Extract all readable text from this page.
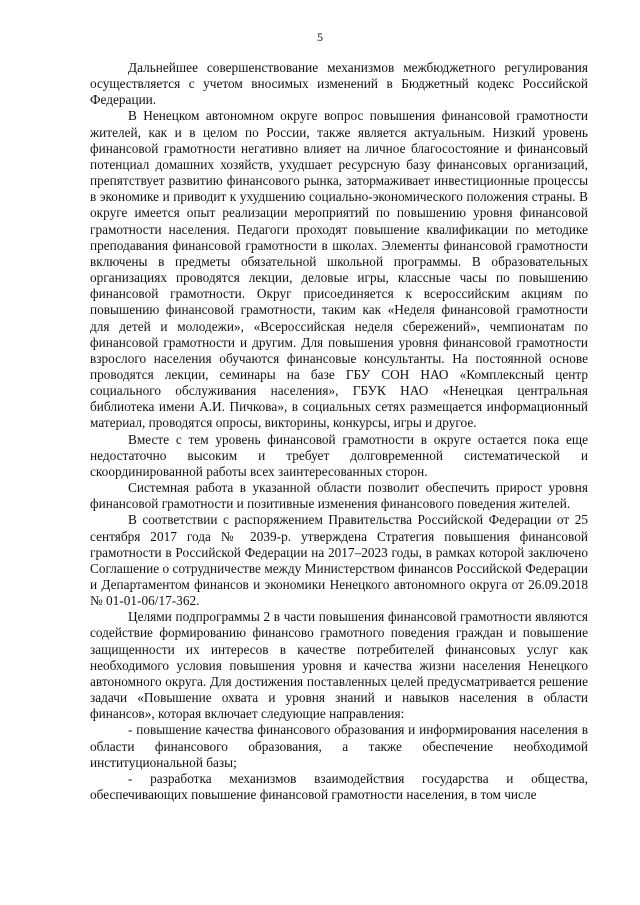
5

Дальнейшее совершенствование механизмов межбюджетного регулирования осуществляется с учетом вносимых изменений в Бюджетный кодекс Российской Федерации.

В Ненецком автономном округе вопрос повышения финансовой грамотности жителей, как и в целом по России, также является актуальным. Низкий уровень финансовой грамотности негативно влияет на личное благосостояние и финансовый потенциал домашних хозяйств, ухудшает ресурсную базу финансовых организаций, препятствует развитию финансового рынка, затормаживает инвестиционные процессы в экономике и приводит к ухудшению социально-экономического положения страны. В округе имеется опыт реализации мероприятий по повышению уровня финансовой грамотности населения. Педагоги проходят повышение квалификации по методике преподавания финансовой грамотности в школах. Элементы финансовой грамотности включены в предметы обязательной школьной программы. В образовательных организациях проводятся лекции, деловые игры, классные часы по повышению финансовой грамотности. Округ присоединяется к всероссийским акциям по повышению финансовой грамотности, таким как «Неделя финансовой грамотности для детей и молодежи», «Всероссийская неделя сбережений», чемпионатам по финансовой грамотности и другим. Для повышения уровня финансовой грамотности взрослого населения обучаются финансовые консультанты. На постоянной основе проводятся лекции, семинары на базе ГБУ СОН НАО «Комплексный центр социального обслуживания населения», ГБУК НАО «Ненецкая центральная библиотека имени А.И. Пичкова», в социальных сетях размещается информационный материал, проводятся опросы, викторины, конкурсы, игры и другое.

Вместе с тем уровень финансовой грамотности в округе остается пока еще недостаточно высоким и требует долговременной систематической и скоординированной работы всех заинтересованных сторон.

Системная работа в указанной области позволит обеспечить прирост уровня финансовой грамотности и позитивные изменения финансового поведения жителей.

В соответствии с распоряжением Правительства Российской Федерации от 25 сентября 2017 года № 2039-р. утверждена Стратегия повышения финансовой грамотности в Российской Федерации на 2017–2023 годы, в рамках которой заключено Соглашение о сотрудничестве между Министерством финансов Российской Федерации и Департаментом финансов и экономики Ненецкого автономного округа от 26.09.2018 № 01-01-06/17-362.

Целями подпрограммы 2 в части повышения финансовой грамотности являются содействие формированию финансово грамотного поведения граждан и повышение защищенности их интересов в качестве потребителей финансовых услуг как необходимого условия повышения уровня и качества жизни населения Ненецкого автономного округа. Для достижения поставленных целей предусматривается решение задачи «Повышение охвата и уровня знаний и навыков населения в области финансов», которая включает следующие направления:

- повышение качества финансового образования и информирования населения в области финансового образования, а также обеспечение необходимой институциональной базы;

- разработка механизмов взаимодействия государства и общества, обеспечивающих повышение финансовой грамотности населения, в том числе
